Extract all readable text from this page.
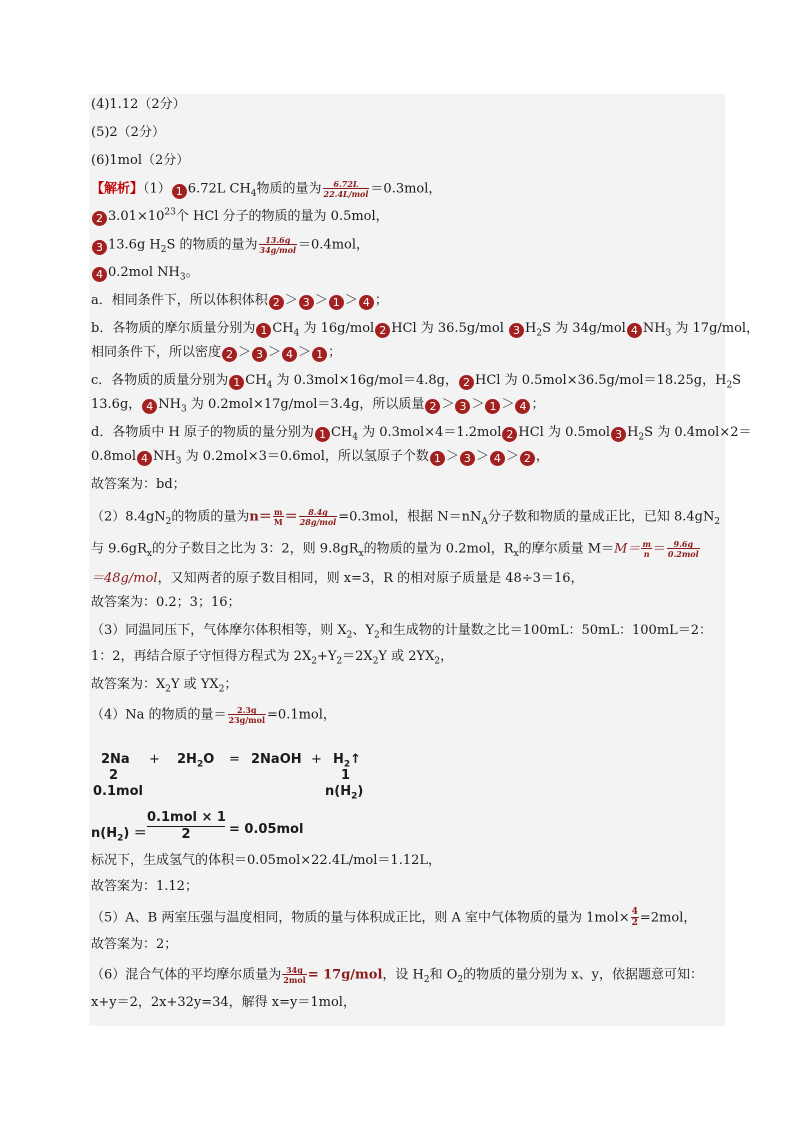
(4)1.12（2分）
(5)2（2分）
(6)1mol（2分）
【解析】（1） 1 6.72L $CH_4$物质的量为 $\frac{6.72L}{\text{22.4L/mol}} =0.3mol$，
2 $3.01\times 10^{23}$个 HCl 分子的物质的量为 0.5mol，
3 13.6g $H_2S$ 的物质的量为 $\frac{13.6g}{\text{34g/mol}} =0.4mol$，
4 0.2mol $NH_3$。
a．相同条件下，所以体积体积 2 ＞ 3 ＞ 1 ＞ 4 ；
b．各物质的摩尔质量分别为 1 $CH_4$ 为 16g/mol 2 HCl 为 36.5g/mol 3 $H_2S$ 为 34g/mol 4 $NH_3$ 为 17g/mol，
相同条件下，所以密度 2 ＞ 3 ＞ 4 ＞ 1 ；
c．各物质的质量分别为 1 $CH_4$ 为 0.3mol×16g/mol＝4.8g， 2 HCl 为 0.5mol×36.5g/mol＝18.25g，$H_2S$
13.6g， 4 $NH_3$ 为 0.2mol×17g/mol＝3.4g，所以质量 2 ＞ 3 ＞ 1 ＞ 4 ；
d．各物质中 H 原子的物质的量分别为 1 $CH_4$ 为 0.3mol×4＝1.2mol 2 HCl 为 0.5mol 3 $H_2S$ 为 0.4mol×2＝
0.8mol 4 $NH_3$ 为 0.2mol×3＝0.6mol，所以氢原子个数 1 ＞ 3 ＞ 4 ＞ 2 ，
故答案为：bd；
$(2)8.4gN_2$的物质的量为$n= \frac{m}{M} = \frac{8.4g}{\text{28g/mol}} =0.3mol$，根据 $N=nN_A$分子数和物质的量成正比，已知 $8.4gN_2$
与 $9.6gR_x$的分子数目之比为 3：2，则 $9.8gR_x$的物质的量为 0.2mol，$R_x$的摩尔质量 $M=M= \frac{m}{n} = \frac{9.6g}{\text{0.2mol}}$
＝48g/mol，又知两者的原子数目相同，则 x=3，R 的相对原子质量是 48÷3＝16，
故答案为：0.2；3；16；
（3）同温同压下，气体摩尔体积相等，则 $X_2$、$Y_2$和生成物的计量数之比＝100mL：50mL：100mL＝2：
1：2，再结合原子守恒得方程式为 $2X_2+Y_2=2X_2Y$ 或 $2YX_2$，
故答案为：$X_2Y$ 或 $YX_2$；
（4）Na 的物质的量＝ $\frac{2.3g}{\text{23g/mol}} =0.1mol$，
$2Na + 2H_2O$ = 2NaOH + $H_2↑$
2	1
0.1mol	$n(H_2)$
$n(H_2)$ ＝
0.1mol × 1
2	= 0.05mol
标况下，生成氢气的体积＝0.05mol×22.4L/mol＝1.12L，
故答案为：1.12；
（5）A、B 两室压强与温度相同，物质的量与体积成正比，则 A 室中气体物质的量为 $1mol\times \frac{4}{2} =2mol$，
故答案为：2；
（6）混合气体的平均摩尔质量为 $\frac{34g}{\text{2mol}} = 17g/mol$，设 $H_2$和 $O_2$的物质的量分别为 x、y，依据题意可知：
x+y＝2，2x+32y=34，解得 x=y＝1mol，
